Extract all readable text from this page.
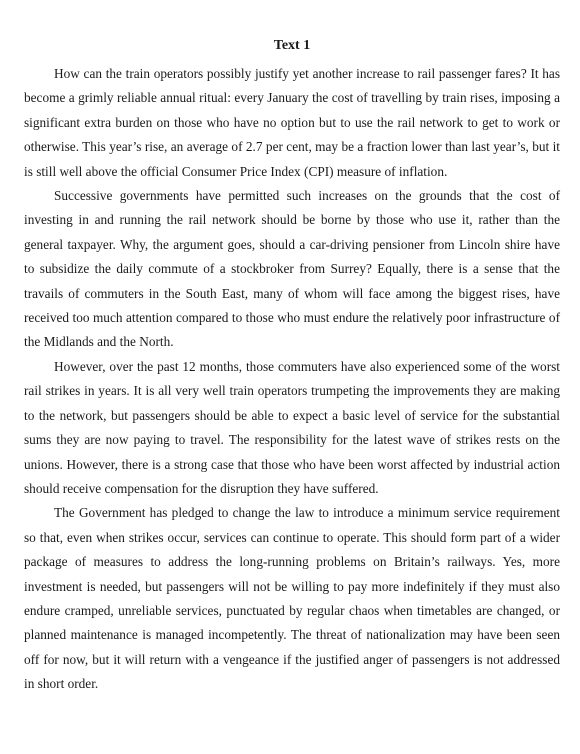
Text 1

How can the train operators possibly justify yet another increase to rail passenger fares? It has become a grimly reliable annual ritual: every January the cost of travelling by train rises, imposing a significant extra burden on those who have no option but to use the rail network to get to work or otherwise. This year’s rise, an average of 2.7 per cent, may be a fraction lower than last year’s, but it is still well above the official Consumer Price Index (CPI) measure of inflation.

Successive governments have permitted such increases on the grounds that the cost of investing in and running the rail network should be borne by those who use it, rather than the general taxpayer. Why, the argument goes, should a car-driving pensioner from Lincoln shire have to subsidize the daily commute of a stockbroker from Surrey? Equally, there is a sense that the travails of commuters in the South East, many of whom will face among the biggest rises, have received too much attention compared to those who must endure the relatively poor infrastructure of the Midlands and the North.

However, over the past 12 months, those commuters have also experienced some of the worst rail strikes in years. It is all very well train operators trumpeting the improvements they are making to the network, but passengers should be able to expect a basic level of service for the substantial sums they are now paying to travel. The responsibility for the latest wave of strikes rests on the unions. However, there is a strong case that those who have been worst affected by industrial action should receive compensation for the disruption they have suffered.

The Government has pledged to change the law to introduce a minimum service requirement so that, even when strikes occur, services can continue to operate. This should form part of a wider package of measures to address the long-running problems on Britain’s railways. Yes, more investment is needed, but passengers will not be willing to pay more indefinitely if they must also endure cramped, unreliable services, punctuated by regular chaos when timetables are changed, or planned maintenance is managed incompetently. The threat of nationalization may have been seen off for now, but it will return with a vengeance if the justified anger of passengers is not addressed in short order.
